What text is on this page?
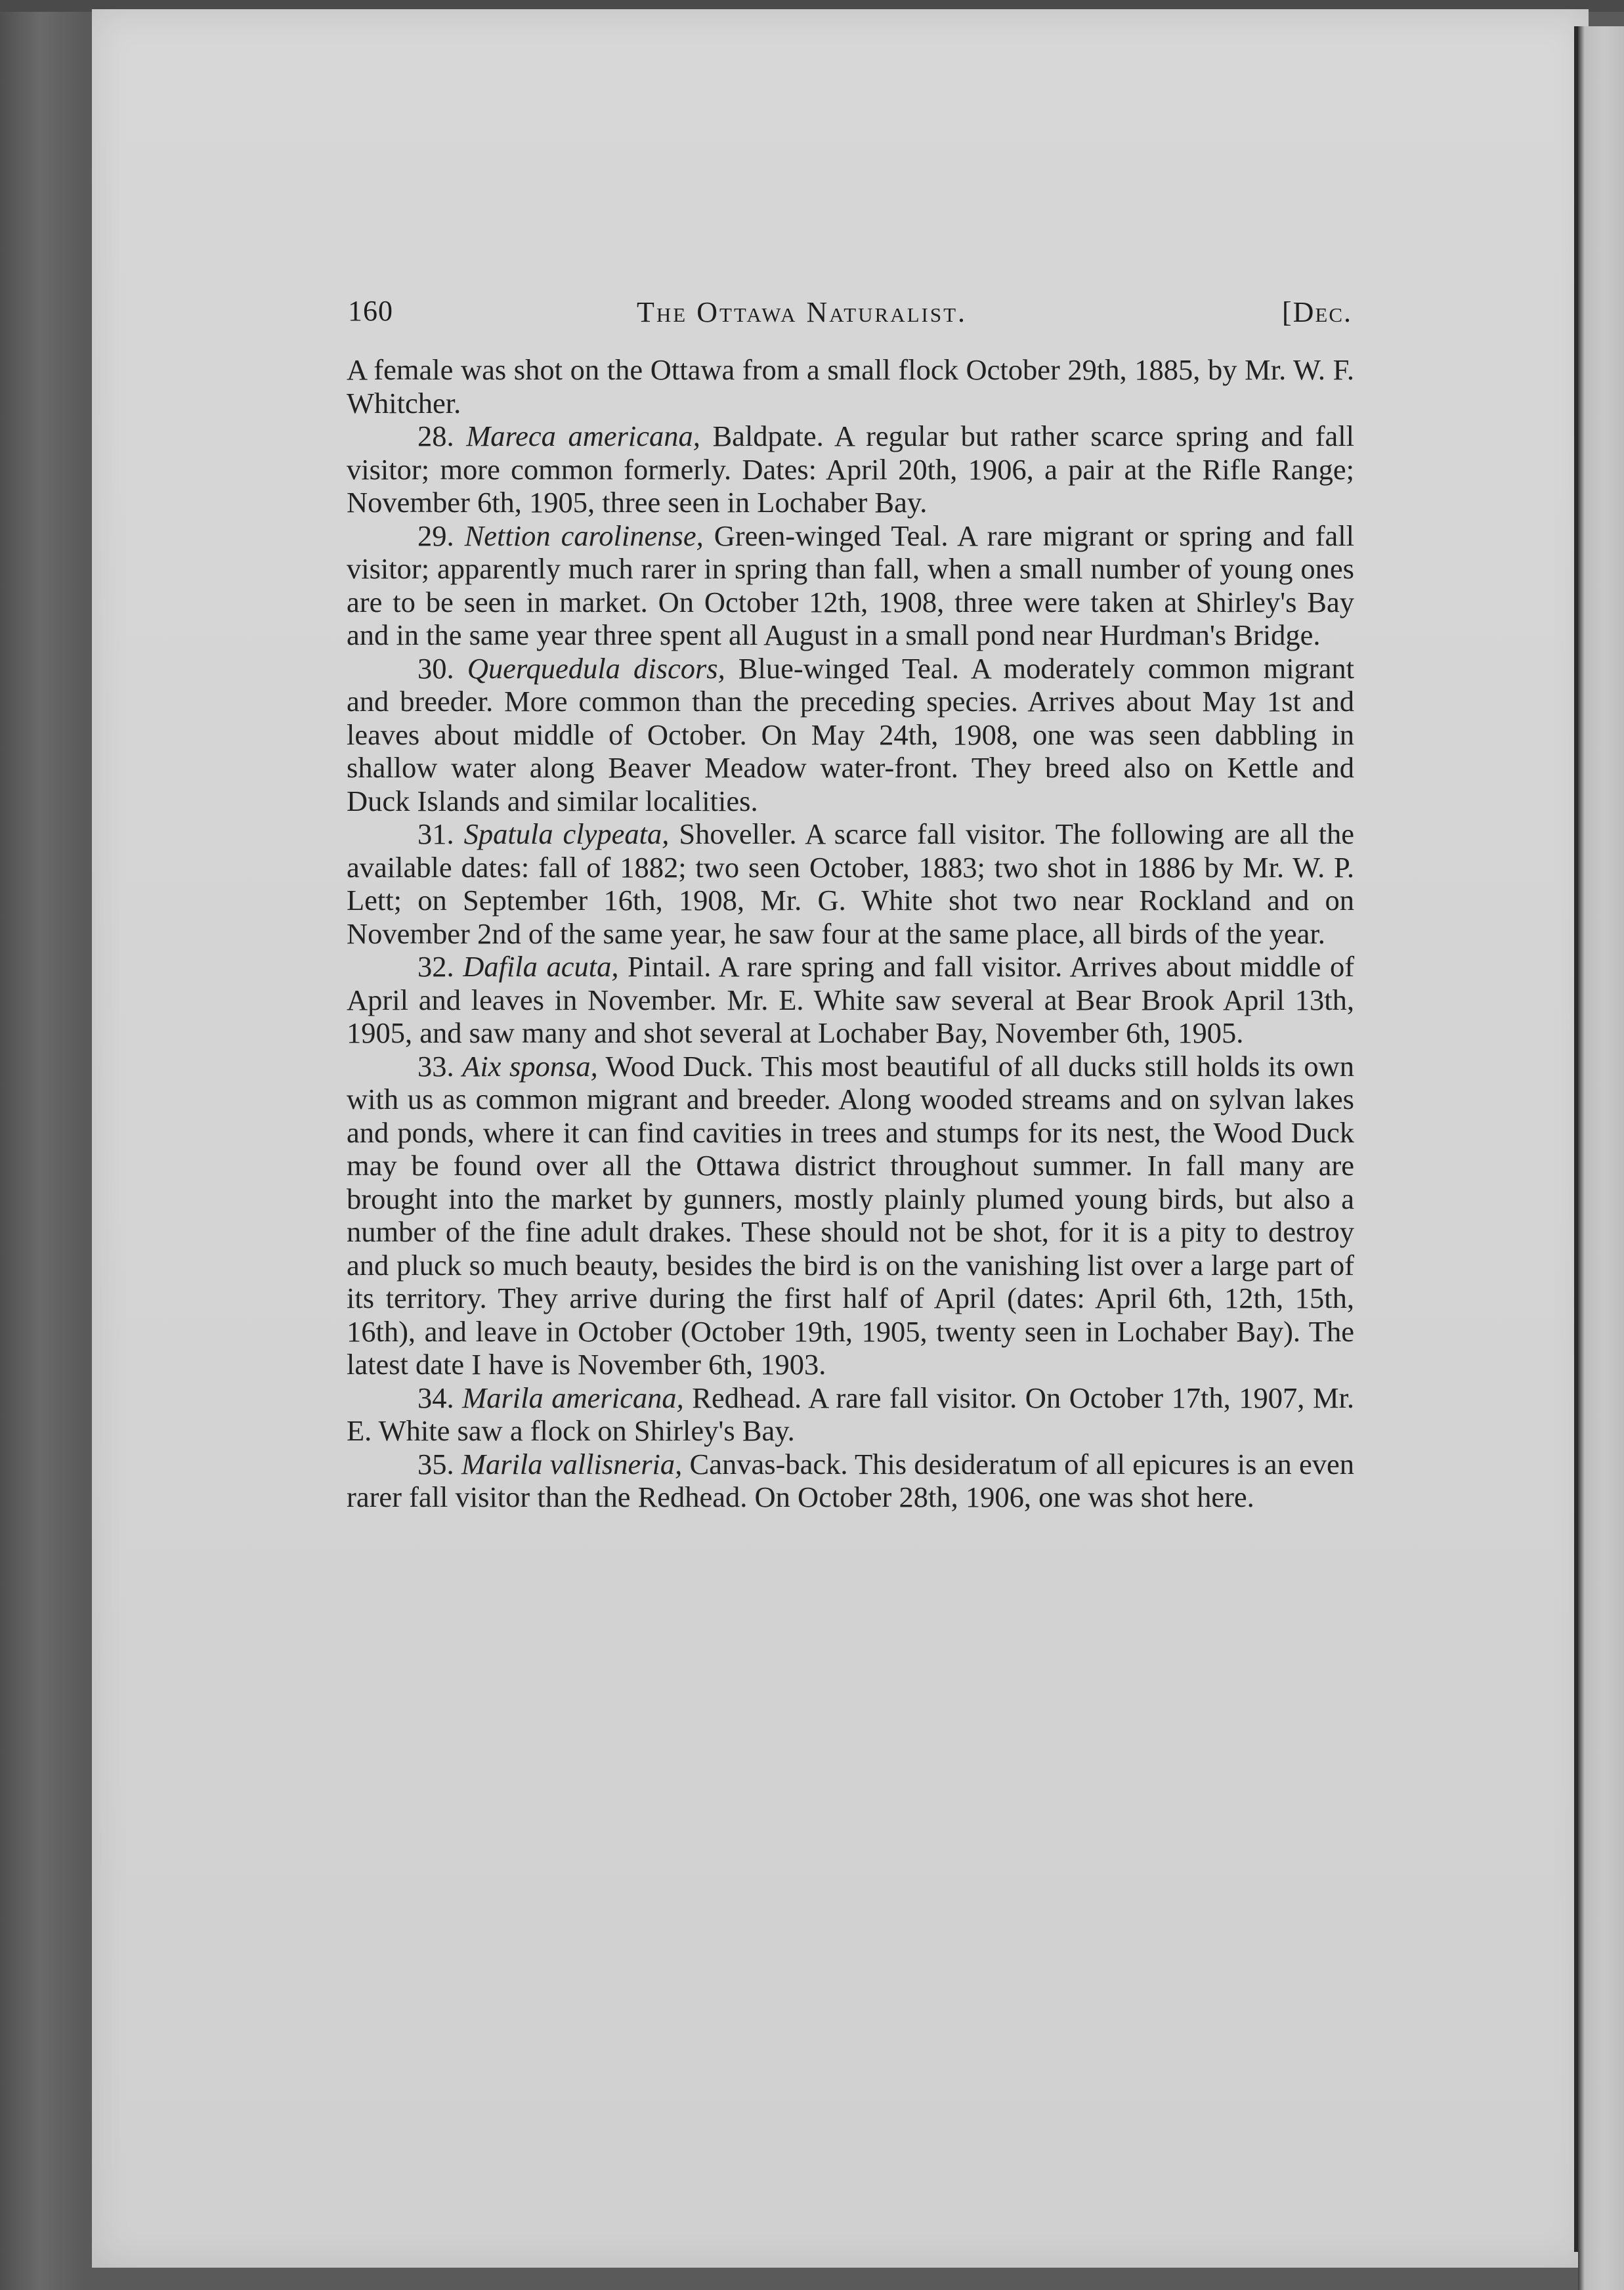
160	The Ottawa Naturalist.	[Dec.

A female was shot on the Ottawa from a small flock October 29th, 1885, by Mr. W. F. Whitcher.

28. Mareca americana, Baldpate. A regular but rather scarce spring and fall visitor; more common formerly. Dates: April 20th, 1906, a pair at the Rifle Range; November 6th, 1905, three seen in Lochaber Bay.

29. Nettion carolinense, Green-winged Teal. A rare migrant or spring and fall visitor; apparently much rarer in spring than fall, when a small number of young ones are to be seen in market. On October 12th, 1908, three were taken at Shirley's Bay and in the same year three spent all August in a small pond near Hurdman's Bridge.

30. Querquedula discors, Blue-winged Teal. A moderately common migrant and breeder. More common than the preceding species. Arrives about May 1st and leaves about middle of October. On May 24th, 1908, one was seen dabbling in shallow water along Beaver Meadow water-front. They breed also on Kettle and Duck Islands and similar localities.

31. Spatula clypeata, Shoveller. A scarce fall visitor. The following are all the available dates: fall of 1882; two seen October, 1883; two shot in 1886 by Mr. W. P. Lett; on September 16th, 1908, Mr. G. White shot two near Rockland and on November 2nd of the same year, he saw four at the same place, all birds of the year.

32. Dafila acuta, Pintail. A rare spring and fall visitor. Arrives about middle of April and leaves in November. Mr. E. White saw several at Bear Brook April 13th, 1905, and saw many and shot several at Lochaber Bay, November 6th, 1905.

33. Aix sponsa, Wood Duck. This most beautiful of all ducks still holds its own with us as common migrant and breeder. Along wooded streams and on sylvan lakes and ponds, where it can find cavities in trees and stumps for its nest, the Wood Duck may be found over all the Ottawa district throughout summer. In fall many are brought into the market by gunners, mostly plainly plumed young birds, but also a number of the fine adult drakes. These should not be shot, for it is a pity to destroy and pluck so much beauty, besides the bird is on the vanishing list over a large part of its territory. They arrive during the first half of April (dates: April 6th, 12th, 15th, 16th), and leave in October (October 19th, 1905, twenty seen in Lochaber Bay). The latest date I have is November 6th, 1903.

34. Marila americana, Redhead. A rare fall visitor. On October 17th, 1907, Mr. E. White saw a flock on Shirley's Bay.

35. Marila vallisneria, Canvas-back. This desideratum of all epicures is an even rarer fall visitor than the Redhead. On October 28th, 1906, one was shot here.
